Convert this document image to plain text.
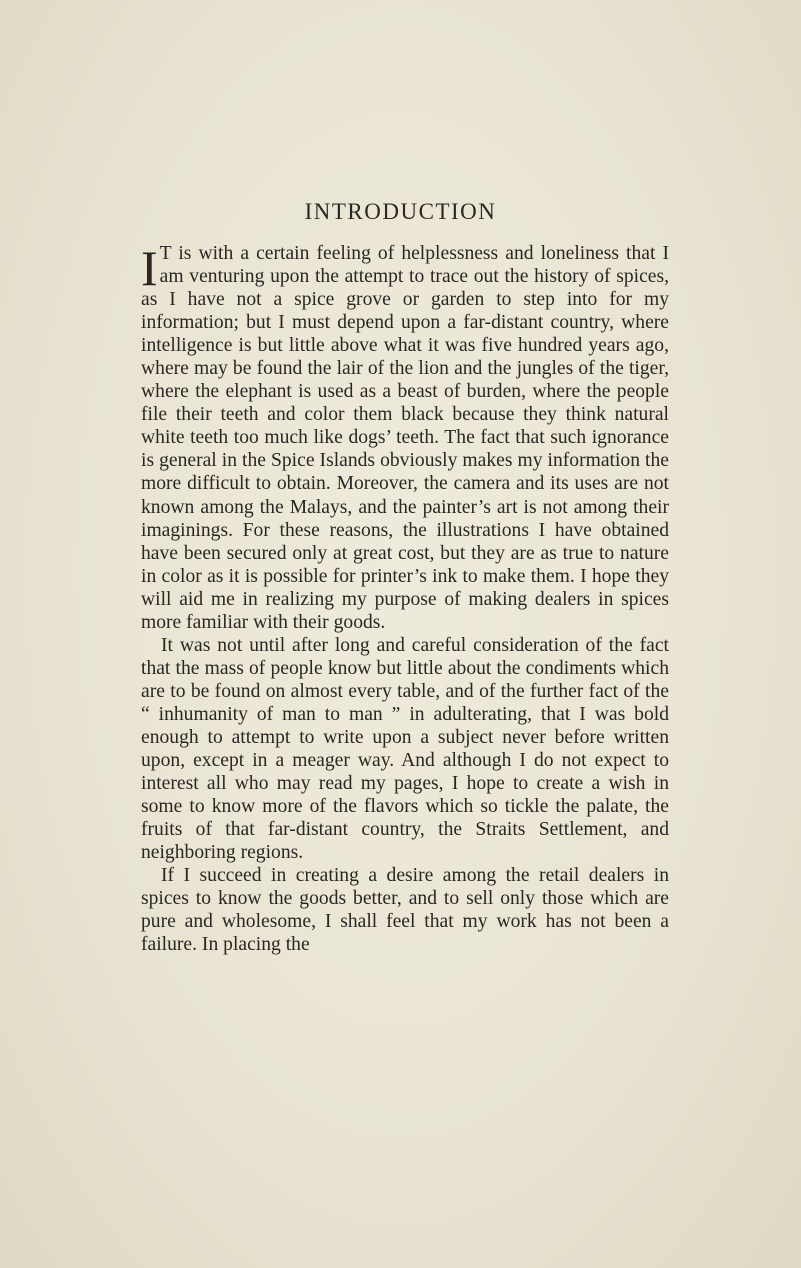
INTRODUCTION

I T is with a certain feeling of helplessness and loneliness that I am venturing upon the attempt to trace out the history of spices, as I have not a spice grove or garden to step into for my information; but I must depend upon a far-distant country, where intelligence is but little above what it was five hundred years ago, where may be found the lair of the lion and the jungles of the tiger, where the elephant is used as a beast of burden, where the people file their teeth and color them black because they think natural white teeth too much like dogs’ teeth. The fact that such ignorance is general in the Spice Islands obviously makes my information the more difficult to obtain. Moreover, the camera and its uses are not known among the Malays, and the painter’s art is not among their imaginings. For these reasons, the illustrations I have obtained have been secured only at great cost, but they are as true to nature in color as it is possible for printer’s ink to make them. I hope they will aid me in realizing my purpose of making dealers in spices more familiar with their goods.

It was not until after long and careful consideration of the fact that the mass of people know but little about the condiments which are to be found on almost every table, and of the further fact of the “ inhumanity of man to man ” in adulterating, that I was bold enough to attempt to write upon a subject never before written upon, except in a meager way. And although I do not expect to interest all who may read my pages, I hope to create a wish in some to know more of the flavors which so tickle the palate, the fruits of that far-distant country, the Straits Settlement, and neighboring regions.

If I succeed in creating a desire among the retail dealers in spices to know the goods better, and to sell only those which are pure and wholesome, I shall feel that my work has not been a failure. In placing the
